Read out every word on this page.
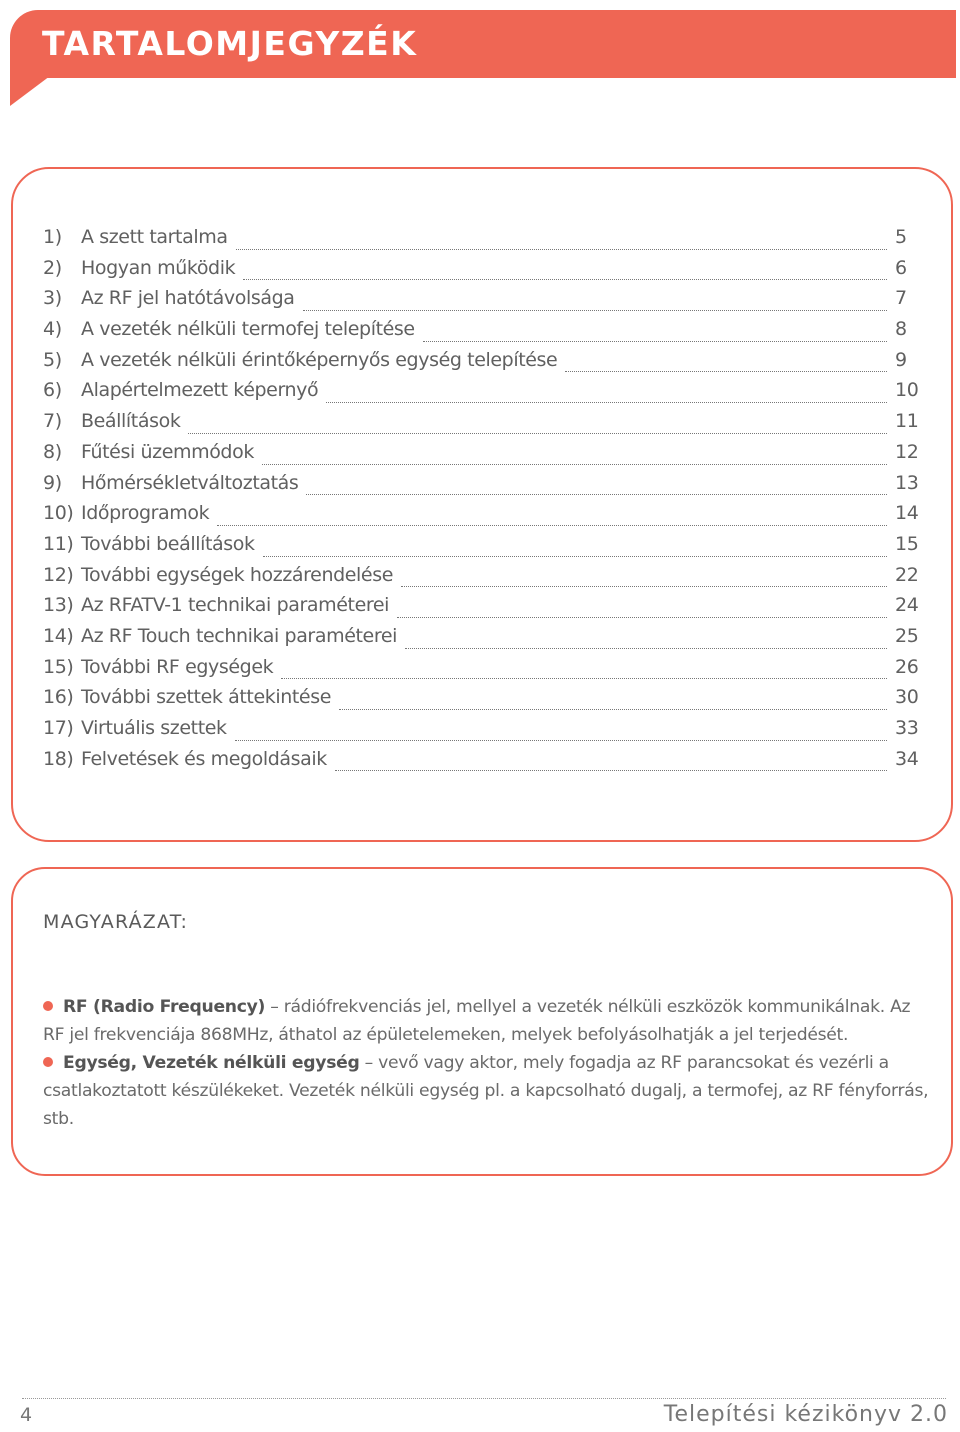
TARTALOMJEGYZÉK
1)	A szett tartalma	5
2)	Hogyan működik	6
3)	Az RF jel hatótávolsága	7
4)	A vezeték nélküli termofej telepítése	8
5)	A vezeték nélküli érintőképernyős egység telepítése	9
6)	Alapértelmezett képernyő	10
7)	Beállítások	11
8)	Fűtési üzemmódok	12
9)	Hőmérsékletváltoztatás	13
10) Időprogramok	14
11) További beállítások	15
12) További egységek hozzárendelése	22
13) Az RFATV-1 technikai paraméterei	24
14) Az RF Touch technikai paraméterei	25
15) További RF egységek	26
16) További szettek áttekintése	30
17) Virtuális szettek	33
18) Felvetések és megoldásaik	34
MAGYARÁZAT:

RF (Radio Frequency) – rádiófrekvenciás jel, mellyel a vezeték nélküli eszközök kommunikálnak. Az RF jel frekvenciája 868MHz, áthatol az épületelemeken, melyek befolyásolhatják a jel terjedését.

Egység, Vezeték nélküli egység – vevő vagy aktor, mely fogadja az RF parancsokat és vezérli a csatlakoztatott készülékeket. Vezeték nélküli egység pl. a kapcsolható dugalj, a termofej, az RF fényforrás, stb.

4	Telepítési kézikönyv 2.0
